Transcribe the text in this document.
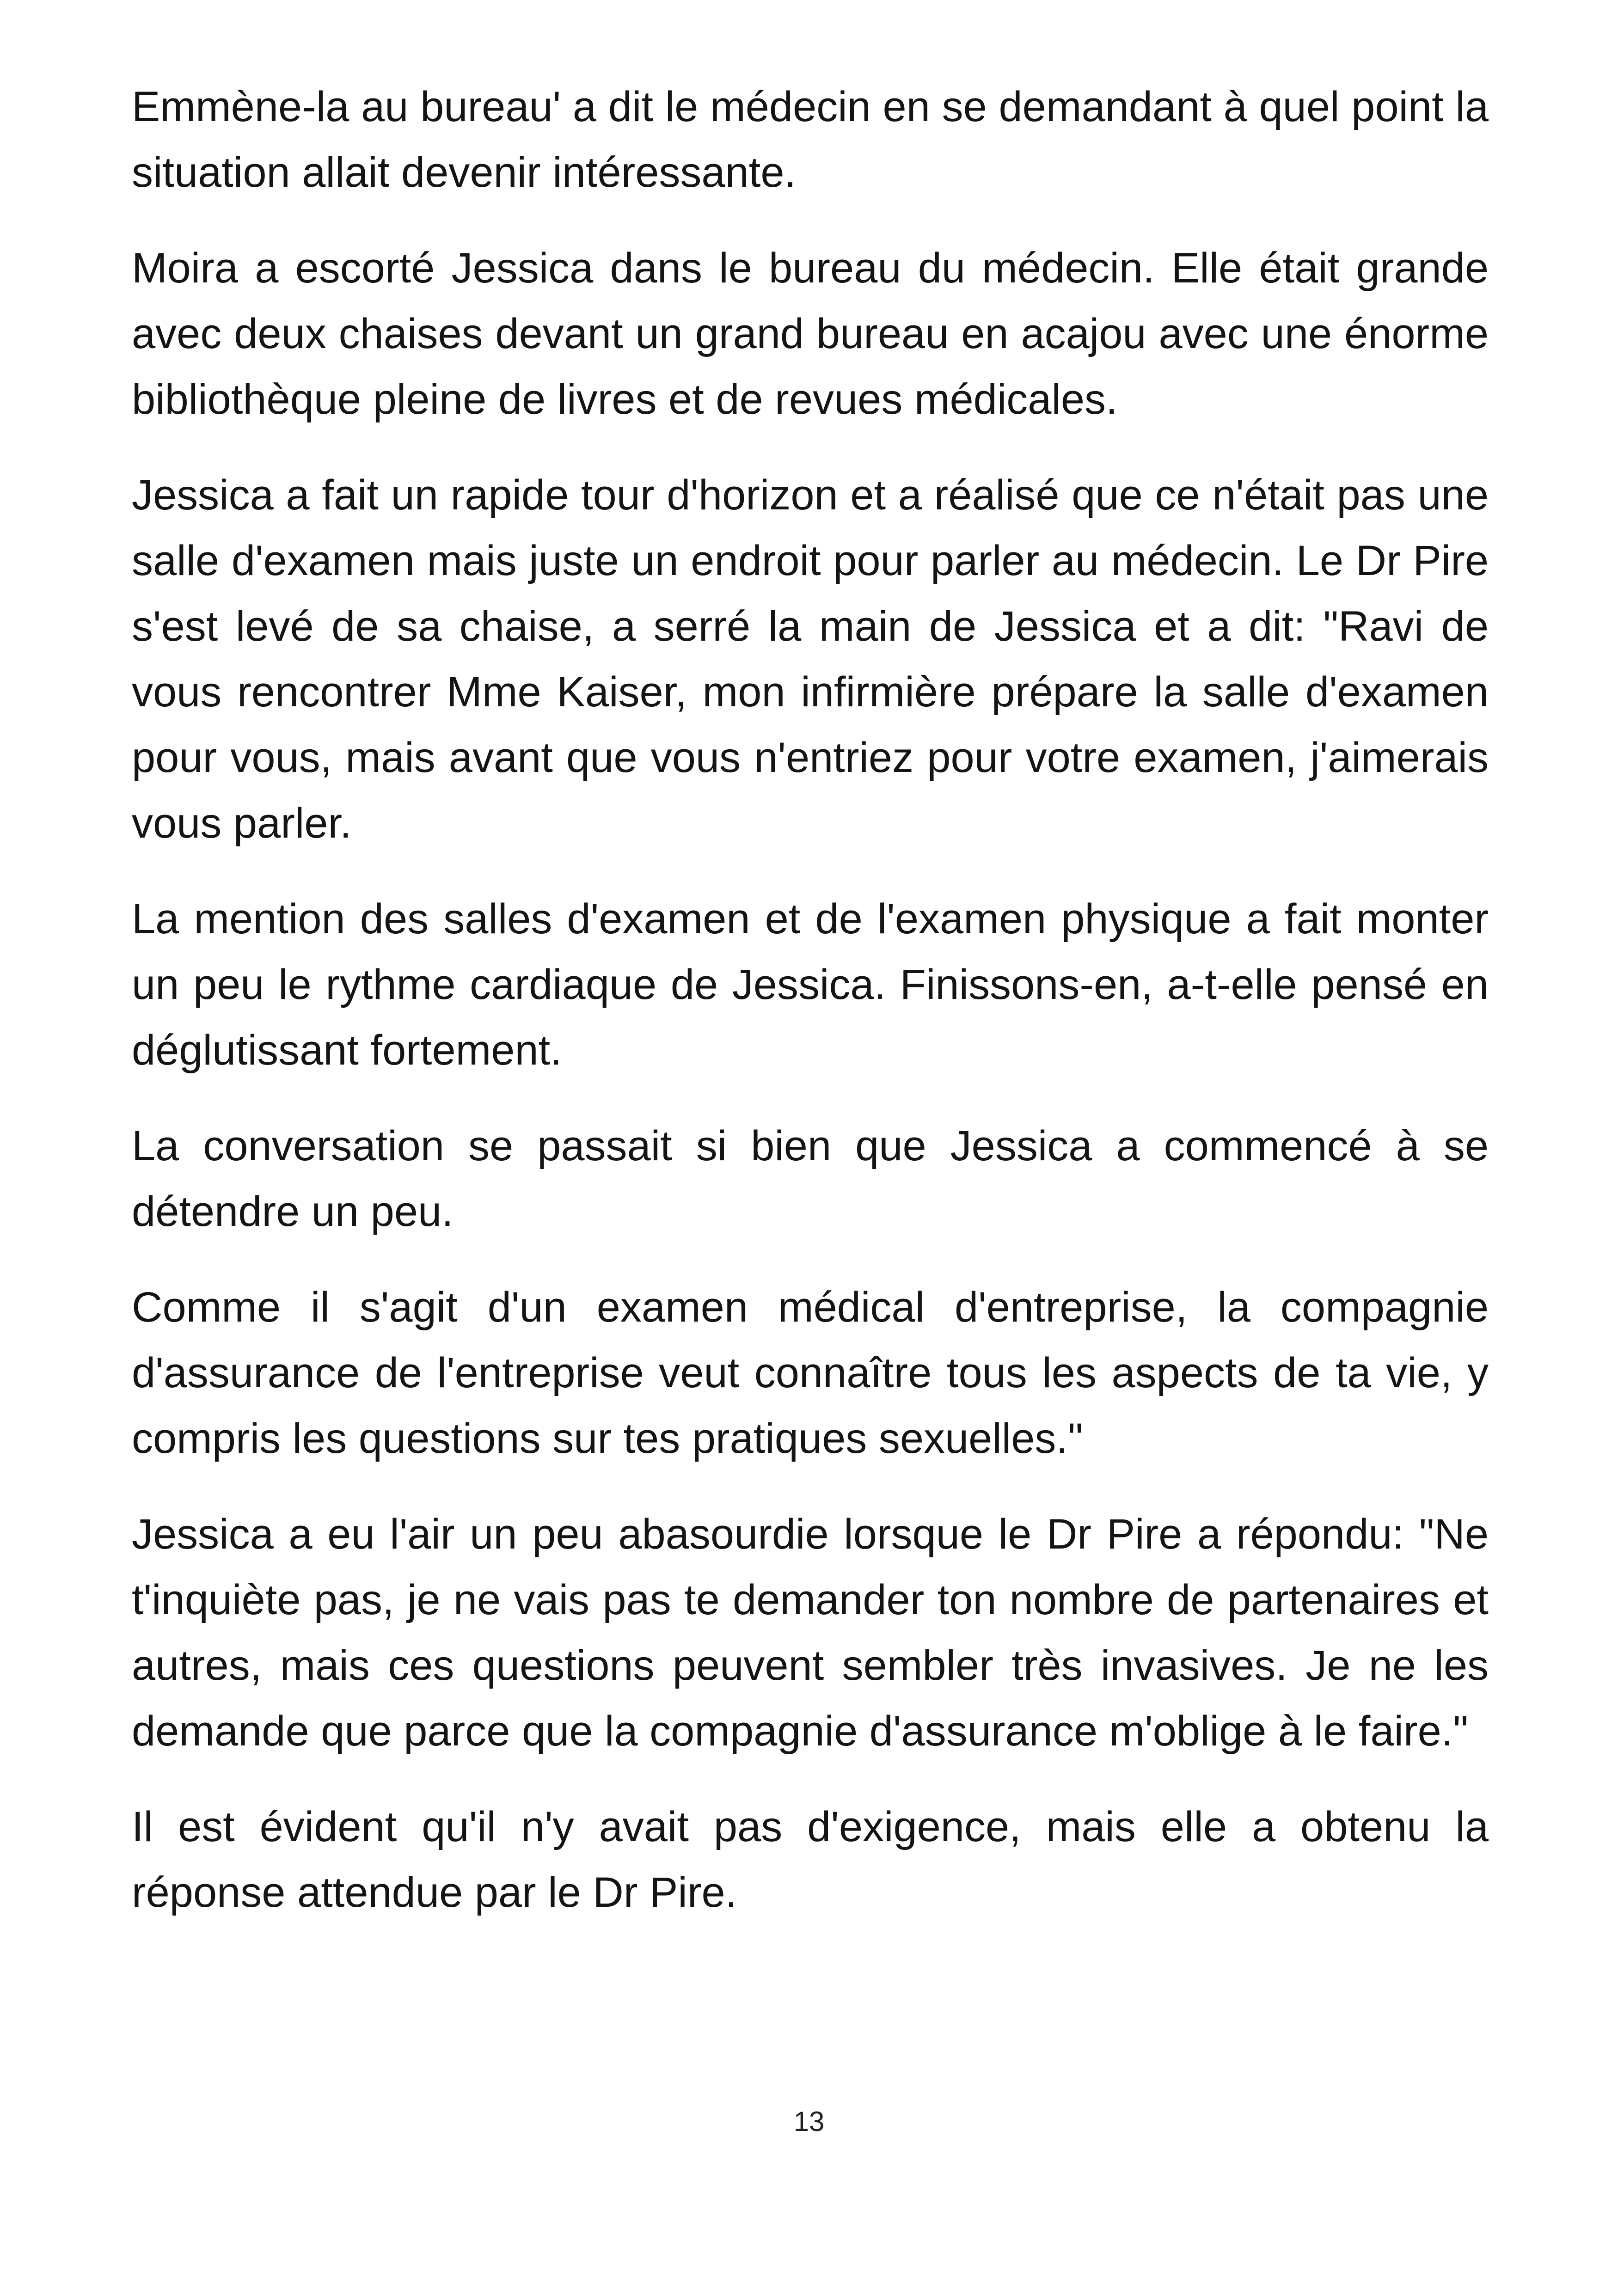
Emmène-la au bureau' a dit le médecin en se demandant à quel point la situation allait devenir intéressante.

Moira a escorté Jessica dans le bureau du médecin. Elle était grande avec deux chaises devant un grand bureau en acajou avec une énorme bibliothèque pleine de livres et de revues médicales.

Jessica a fait un rapide tour d'horizon et a réalisé que ce n'était pas une salle d'examen mais juste un endroit pour parler au médecin. Le Dr Pire s'est levé de sa chaise, a serré la main de Jessica et a dit: "Ravi de vous rencontrer Mme Kaiser, mon infirmière prépare la salle d'examen pour vous, mais avant que vous n'entriez pour votre examen, j'aimerais vous parler.

La mention des salles d'examen et de l'examen physique a fait monter un peu le rythme cardiaque de Jessica. Finissons-en, a-t-elle pensé en déglutissant fortement.

La conversation se passait si bien que Jessica a commencé à se détendre un peu.

Comme il s'agit d'un examen médical d'entreprise, la compagnie d'assurance de l'entreprise veut connaître tous les aspects de ta vie, y compris les questions sur tes pratiques sexuelles."

Jessica a eu l'air un peu abasourdie lorsque le Dr Pire a répondu: "Ne t'inquiète pas, je ne vais pas te demander ton nombre de partenaires et autres, mais ces questions peuvent sembler très invasives. Je ne les demande que parce que la compagnie d'assurance m'oblige à le faire."

Il est évident qu'il n'y avait pas d'exigence, mais elle a obtenu la réponse attendue par le Dr Pire.

13
